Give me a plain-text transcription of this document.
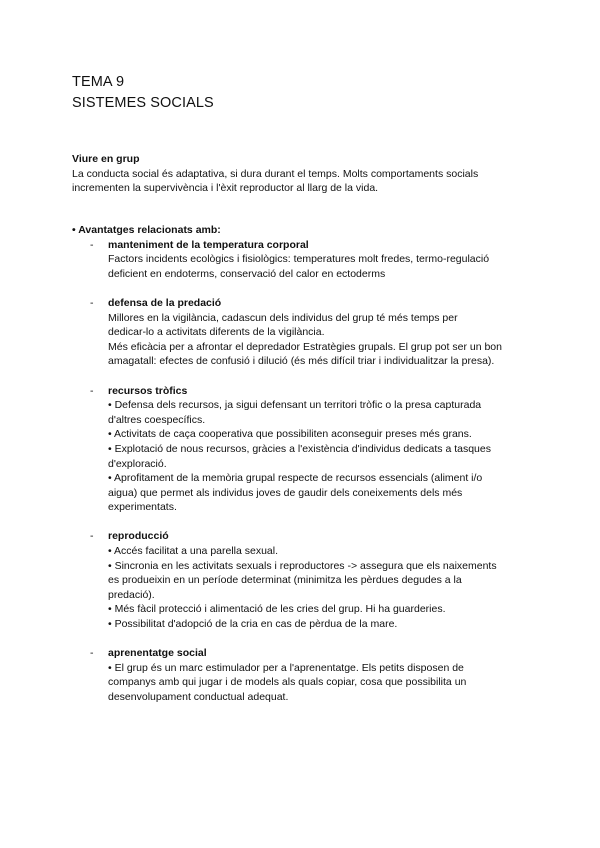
TEMA 9
SISTEMES SOCIALS
Viure en grup
La conducta social és adaptativa, si dura durant el temps. Molts comportaments socials
incrementen la supervivència i l'èxit reproductor al llarg de la vida.
• Avantatges relacionats amb:
- manteniment de la temperatura corporal

Factors incidents ecològics i fisiològics: temperatures molt fredes, termo-regulació

deficient en endoterms, conservació del calor en ectoderms

- defensa de la predació

Millores en la vigilància, cadascun dels individus del grup té més temps per

dedicar-lo a activitats diferents de la vigilància.

Més eficàcia per a afrontar el depredador Estratègies grupals. El grup pot ser un bon

amagatall: efectes de confusió i dilució (és més difícil triar i individualitzar la presa).

- recursos tròfics

• Defensa dels recursos, ja sigui defensant un territori tròfic o la presa capturada

d'altres coespecífics.

• Activitats de caça cooperativa que possibiliten aconseguir preses més grans.

• Explotació de nous recursos, gràcies a l'existència d'individus dedicats a tasques

d'exploració.

• Aprofitament de la memòria grupal respecte de recursos essencials (aliment i/o

aigua) que permet als individus joves de gaudir dels coneixements dels més

experimentats.

- reproducció

• Accés facilitat a una parella sexual.

• Sincronia en les activitats sexuals i reproductores -> assegura que els naixements

es produeixin en un període determinat (minimitza les pèrdues degudes a la

predació).

• Més fàcil protecció i alimentació de les cries del grup. Hi ha guarderies.

• Possibilitat d'adopció de la cria en cas de pèrdua de la mare.

- aprenentatge social

• El grup és un marc estimulador per a l'aprenentatge. Els petits disposen de

companys amb qui jugar i de models als quals copiar, cosa que possibilita un

desenvolupament conductual adequat.
